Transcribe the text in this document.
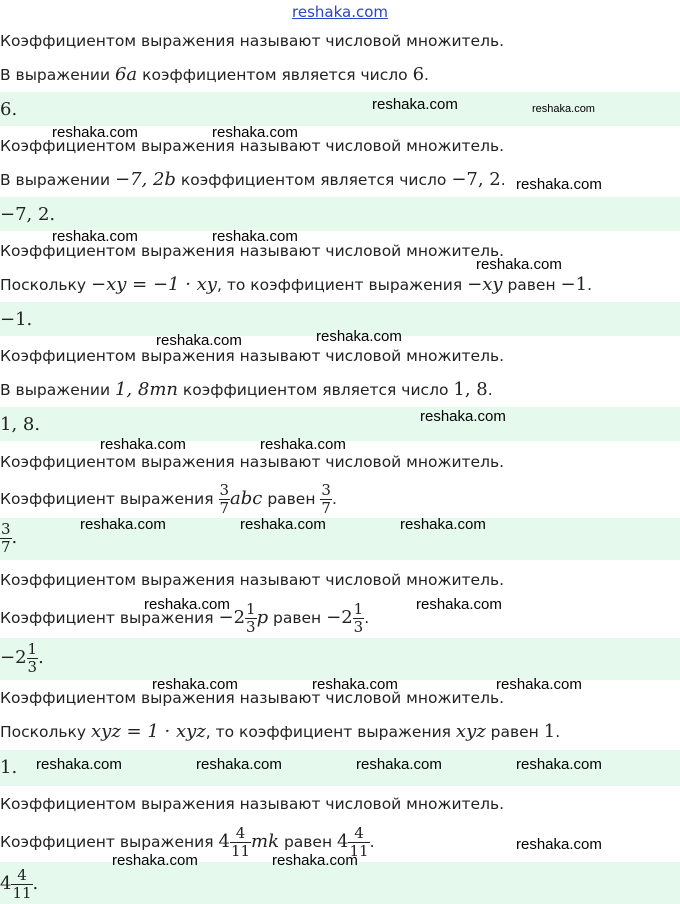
reshaka.com
Коэффициентом выражения называют числовой множитель.
В выражении 6a коэффициентом является число 6.
6.
Коэффициентом выражения называют числовой множитель.
В выражении −7, 2b коэффициентом является число −7, 2.
−7, 2.
Коэффициентом выражения называют числовой множитель.
Поскольку −xy = −1 · xy, то коэффициент выражения −xy равен −1.
−1.
Коэффициентом выражения называют числовой множитель.
В выражении 1, 8mn коэффициентом является число 1, 8.
1, 8.
Коэффициентом выражения называют числовой множитель.
Коэффициент выражения $\frac{3}{7}$ abc равен $\frac{3}{7}$ .
$\frac{3}{7}$ .
Коэффициентом выражения называют числовой множитель.
Коэффициент выражения $-2 \frac{1}{3}$ p равен $-2 \frac{1}{3}$ .
$-2 \frac{1}{3}$ .
Коэффициентом выражения называют числовой множитель.
Поскольку xyz = 1 · xyz, то коэффициент выражения xyz равен 1.
1.
Коэффициентом выражения называют числовой множитель.
Коэффициент выражения $4 \frac{4}{11}$ mk равен $4 \frac{4}{11}$ .
$4 \frac{4}{11}$ .
reshaka.com	reshaka.com
reshaka.com	reshaka.com
reshaka.com
reshaka.com	reshaka.com
reshaka.com
reshaka.com	reshaka.com
reshaka.com
reshaka.com	reshaka.com
reshaka.com	reshaka.com	reshaka.com
reshaka.com	reshaka.com
reshaka.com	reshaka.com	reshaka.com
reshaka.com	reshaka.com	reshaka.com	reshaka.com
reshaka.com
reshaka.com	reshaka.com
